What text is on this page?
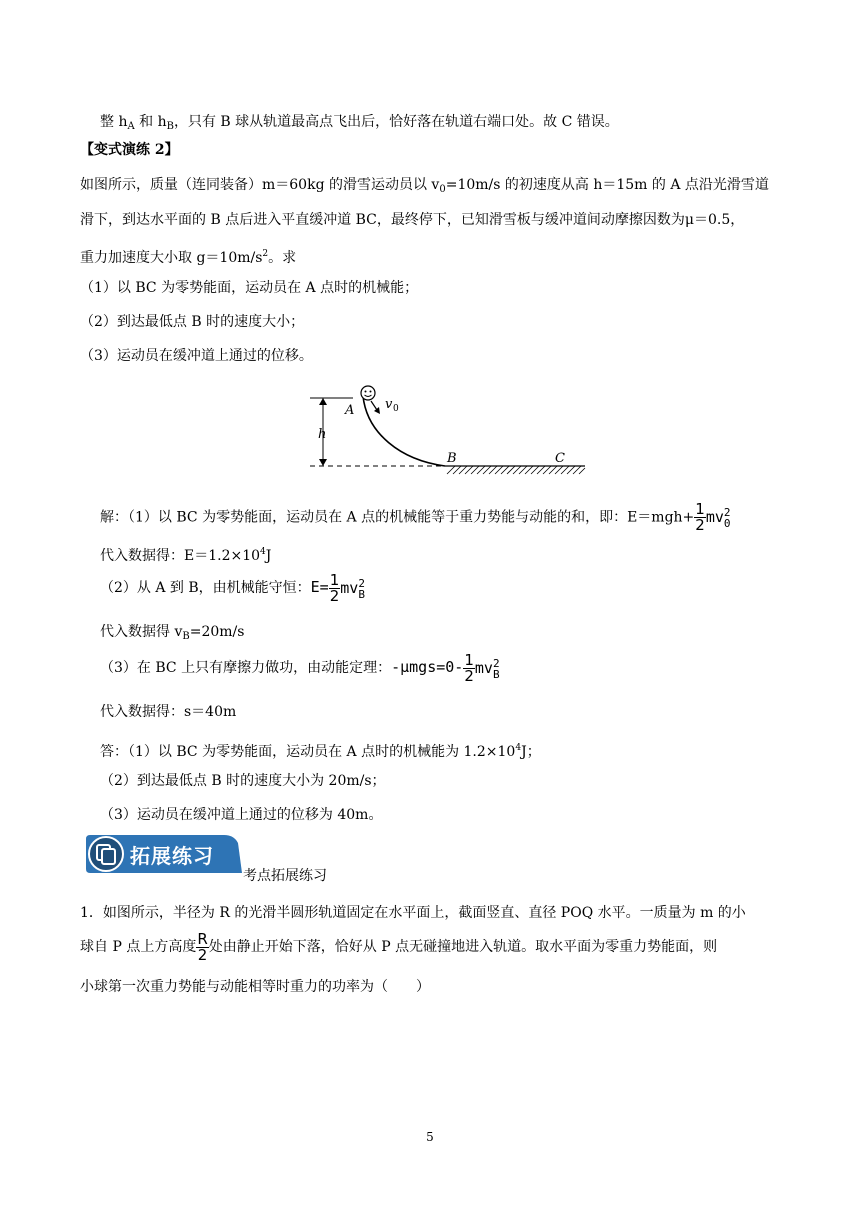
整 $h_A$ 和 $h_B$，只有 B 球从轨道最高点飞出后，恰好落在轨道右端口处。故 C 错误。
【变式演练 2】
如图所示，质量（连同装备）m＝60kg 的滑雪运动员以 $v_0=10m/s$ 的初速度从高 h＝15m 的 A 点沿光滑雪道
滑下，到达水平面的 B 点后进入平直缓冲道 BC，最终停下，已知滑雪板与缓冲道间动摩擦因数为μ＝0.5，
重力加速度大小取 $g=10m/s^2$。求
（1）以 BC 为零势能面，运动员在 A 点时的机械能；
（2）到达最低点 B 时的速度大小；
（3）运动员在缓冲道上通过的位移。
A v 0
h
B	C
解：（1）以 BC 为零势能面，运动员在 A 点的机械能等于重力势能与动能的和，即：$E=mgh+ \frac{1}{2}$ mv 2
0
代入数据得：$E=1.2\times 10^4J$
（2）从 A 到 B，由机械能守恒：$E= \frac{1}{2}$ mv 2
B
代入数据得 $v_B=20m/s$
（3）在 BC 上只有摩擦力做功，由动能定理：$-\mu mgs=0- \frac{1}{2}$ mv 2
B
代入数据得：s＝40m
答：（1）以 BC 为零势能面，运动员在 A 点时的机械能为 $1.2\times 10^4J$；
（2）到达最低点 B 时的速度大小为 20m/s；
（3）运动员在缓冲道上通过的位移为 40m。
拓展练习
考点拓展练习
1．如图所示，半径为 R 的光滑半圆形轨道固定在水平面上，截面竖直、直径 POQ 水平。一质量为 m 的小
球自 P 点上方高度 $\frac{R}{2}$ 处由静止开始下落，恰好从 P 点无碰撞地进入轨道。取水平面为零重力势能面，则
小球第一次重力势能与动能相等时重力的功率为（　　）
5
